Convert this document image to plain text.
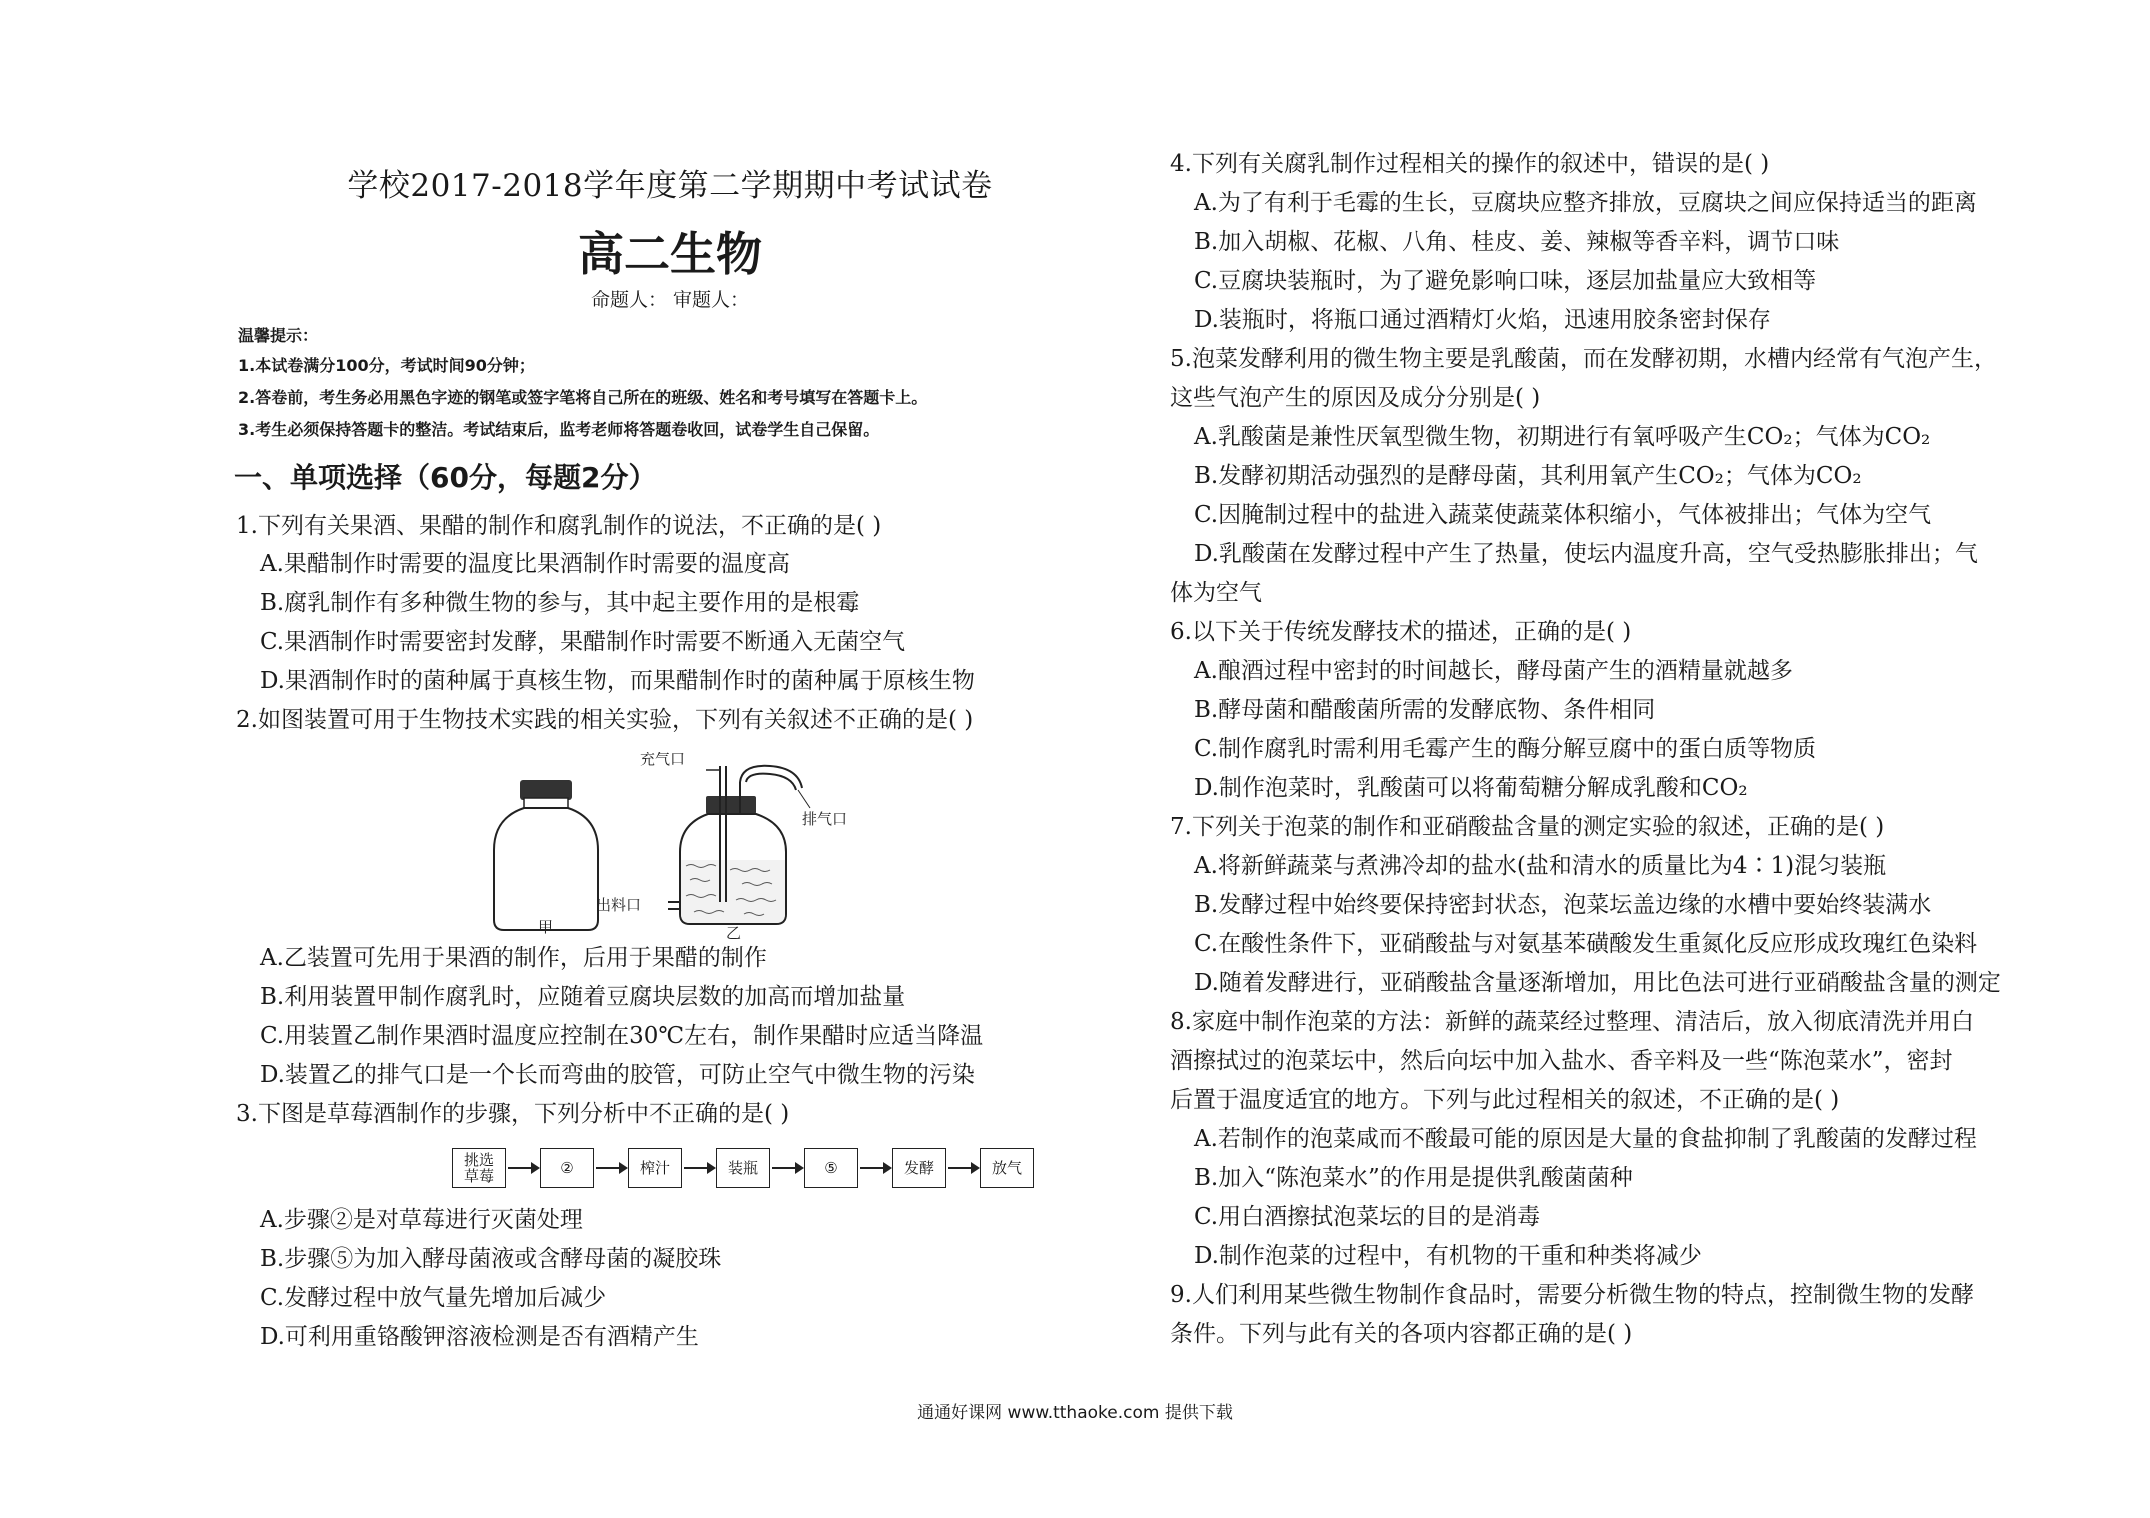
学校2017-2018学年度第二学期期中考试试卷
高二生物
命题人： 审题人：
温馨提示：
1.本试卷满分100分，考试时间90分钟；
2.答卷前，考生务必用黑色字迹的钢笔或签字笔将自己所在的班级、姓名和考号填写在答题卡上。
3.考生必须保持答题卡的整洁。考试结束后，监考老师将答题卷收回，试卷学生自己保留。
一、单项选择（60分，每题2分）
1.下列有关果酒、果醋的制作和腐乳制作的说法，不正确的是( )
A.果醋制作时需要的温度比果酒制作时需要的温度高
B.腐乳制作有多种微生物的参与，其中起主要作用的是根霉
C.果酒制作时需要密封发酵，果醋制作时需要不断通入无菌空气
D.果酒制作时的菌种属于真核生物，而果醋制作时的菌种属于原核生物
2.如图装置可用于生物技术实践的相关实验，下列有关叙述不正确的是( )
甲
充气口
排气口
出料口
乙
A.乙装置可先用于果酒的制作，后用于果醋的制作
B.利用装置甲制作腐乳时，应随着豆腐块层数的加高而增加盐量
C.用装置乙制作果酒时温度应控制在30℃左右，制作果醋时应适当降温
D.装置乙的排气口是一个长而弯曲的胶管，可防止空气中微生物的污染
3.下图是草莓酒制作的步骤，下列分析中不正确的是( )
挑选草莓	②	榨汁	装瓶	⑤	发酵	放气
A.步骤②是对草莓进行灭菌处理
B.步骤⑤为加入酵母菌液或含酵母菌的凝胶珠
C.发酵过程中放气量先增加后减少
D.可利用重铬酸钾溶液检测是否有酒精产生
4.下列有关腐乳制作过程相关的操作的叙述中，错误的是( )
A.为了有利于毛霉的生长，豆腐块应整齐排放，豆腐块之间应保持适当的距离
B.加入胡椒、花椒、八角、桂皮、姜、辣椒等香辛料，调节口味
C.豆腐块装瓶时，为了避免影响口味，逐层加盐量应大致相等
D.装瓶时，将瓶口通过酒精灯火焰，迅速用胶条密封保存
5.泡菜发酵利用的微生物主要是乳酸菌，而在发酵初期，水槽内经常有气泡产生，
这些气泡产生的原因及成分分别是( )
A.乳酸菌是兼性厌氧型微生物，初期进行有氧呼吸产生CO₂；气体为CO₂
B.发酵初期活动强烈的是酵母菌，其利用氧产生CO₂；气体为CO₂
C.因腌制过程中的盐进入蔬菜使蔬菜体积缩小，气体被排出；气体为空气
D.乳酸菌在发酵过程中产生了热量，使坛内温度升高，空气受热膨胀排出；气
体为空气
6.以下关于传统发酵技术的描述，正确的是( )
A.酿酒过程中密封的时间越长，酵母菌产生的酒精量就越多
B.酵母菌和醋酸菌所需的发酵底物、条件相同
C.制作腐乳时需利用毛霉产生的酶分解豆腐中的蛋白质等物质
D.制作泡菜时，乳酸菌可以将葡萄糖分解成乳酸和CO₂
7.下列关于泡菜的制作和亚硝酸盐含量的测定实验的叙述，正确的是( )
A.将新鲜蔬菜与煮沸冷却的盐水(盐和清水的质量比为4∶1)混匀装瓶
B.发酵过程中始终要保持密封状态，泡菜坛盖边缘的水槽中要始终装满水
C.在酸性条件下，亚硝酸盐与对氨基苯磺酸发生重氮化反应形成玫瑰红色染料
D.随着发酵进行，亚硝酸盐含量逐渐增加，用比色法可进行亚硝酸盐含量的测定
8.家庭中制作泡菜的方法：新鲜的蔬菜经过整理、清洁后，放入彻底清洗并用白
酒擦拭过的泡菜坛中，然后向坛中加入盐水、香辛料及一些“陈泡菜水”，密封
后置于温度适宜的地方。下列与此过程相关的叙述，不正确的是( )
A.若制作的泡菜咸而不酸最可能的原因是大量的食盐抑制了乳酸菌的发酵过程
B.加入“陈泡菜水”的作用是提供乳酸菌菌种
C.用白酒擦拭泡菜坛的目的是消毒
D.制作泡菜的过程中，有机物的干重和种类将减少
9.人们利用某些微生物制作食品时，需要分析微生物的特点，控制微生物的发酵
条件。下列与此有关的各项内容都正确的是( )
通通好课网 www.tthaoke.com 提供下载
